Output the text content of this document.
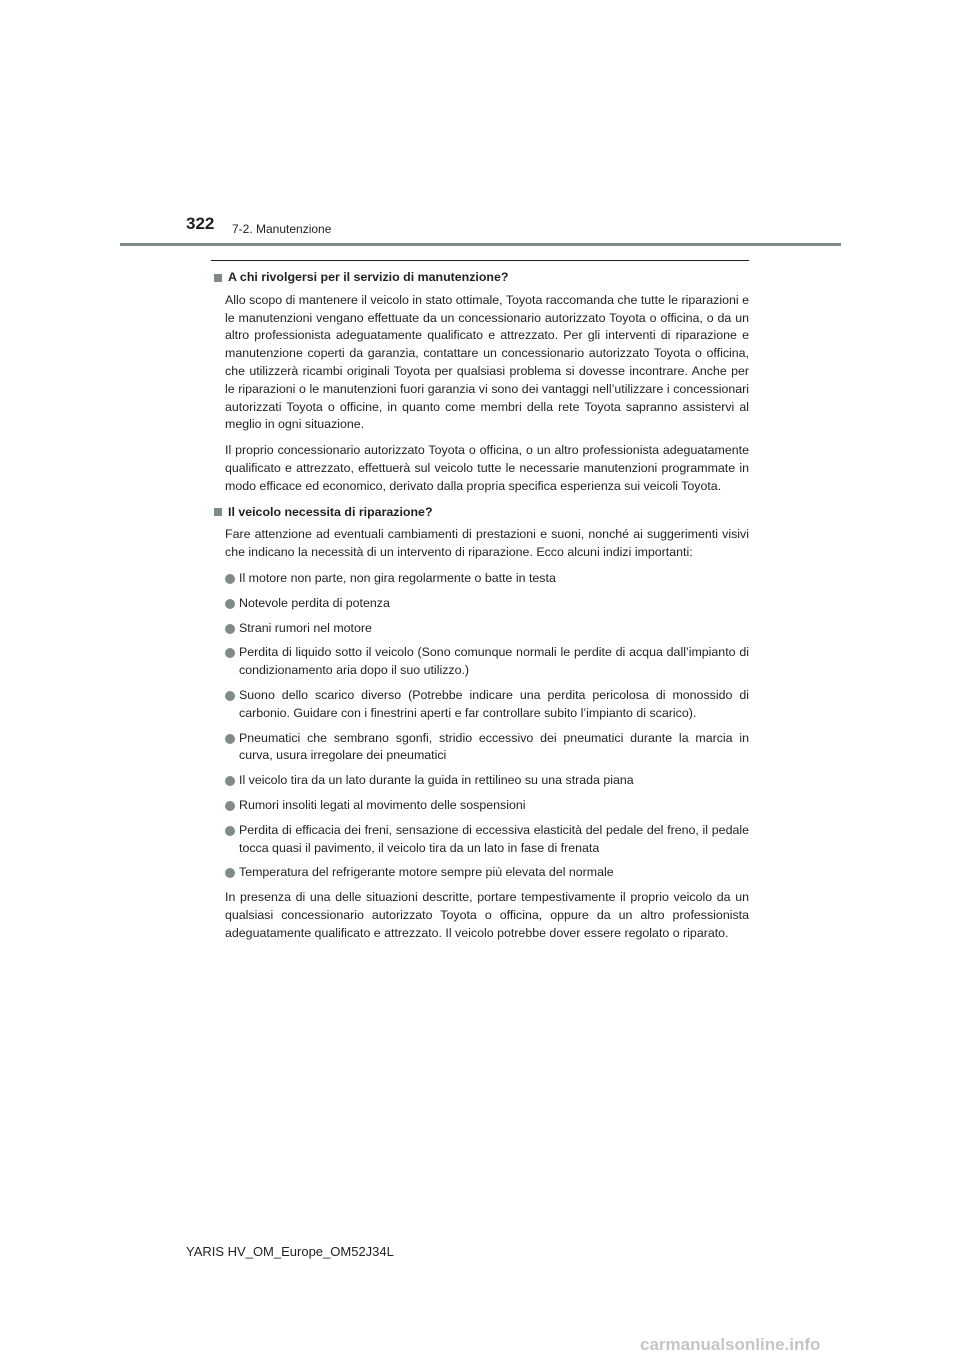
322 7-2. Manutenzione
A chi rivolgersi per il servizio di manutenzione?

Allo scopo di mantenere il veicolo in stato ottimale, Toyota raccomanda che tutte le riparazioni e le manutenzioni vengano effettuate da un concessionario autorizzato Toyota o officina, o da un altro professionista adeguatamente qualificato e attrezzato. Per gli interventi di riparazione e manutenzione coperti da garanzia, contattare un concessionario autorizzato Toyota o officina, che utilizzerà ricambi originali Toyota per qualsiasi problema si dovesse incontrare. Anche per le riparazioni o le manutenzioni fuori garanzia vi sono dei vantaggi nell’utilizzare i concessionari autorizzati Toyota o officine, in quanto come membri della rete Toyota sapranno assistervi al meglio in ogni situazione.

Il proprio concessionario autorizzato Toyota o officina, o un altro professionista adeguatamente qualificato e attrezzato, effettuerà sul veicolo tutte le necessarie manutenzioni programmate in modo efficace ed economico, derivato dalla propria specifica esperienza sui veicoli Toyota.

Il veicolo necessita di riparazione?

Fare attenzione ad eventuali cambiamenti di prestazioni e suoni, nonché ai suggerimenti visivi che indicano la necessità di un intervento di riparazione. Ecco alcuni indizi importanti:

Il motore non parte, non gira regolarmente o batte in testa
Notevole perdita di potenza
Strani rumori nel motore
Perdita di liquido sotto il veicolo (Sono comunque normali le perdite di acqua dall’impianto di condizionamento aria dopo il suo utilizzo.)
Suono dello scarico diverso (Potrebbe indicare una perdita pericolosa di monossido di carbonio. Guidare con i finestrini aperti e far controllare subito l’impianto di scarico).
Pneumatici che sembrano sgonfi, stridio eccessivo dei pneumatici durante la marcia in curva, usura irregolare dei pneumatici
Il veicolo tira da un lato durante la guida in rettilineo su una strada piana
Rumori insoliti legati al movimento delle sospensioni
Perdita di efficacia dei freni, sensazione di eccessiva elasticità del pedale del freno, il pedale tocca quasi il pavimento, il veicolo tira da un lato in fase di frenata
Temperatura del refrigerante motore sempre più elevata del normale

In presenza di una delle situazioni descritte, portare tempestivamente il proprio veicolo da un qualsiasi concessionario autorizzato Toyota o officina, oppure da un altro professionista adeguatamente qualificato e attrezzato. Il veicolo potrebbe dover essere regolato o riparato.

YARIS HV_OM_Europe_OM52J34L
carmanualsonline.info
